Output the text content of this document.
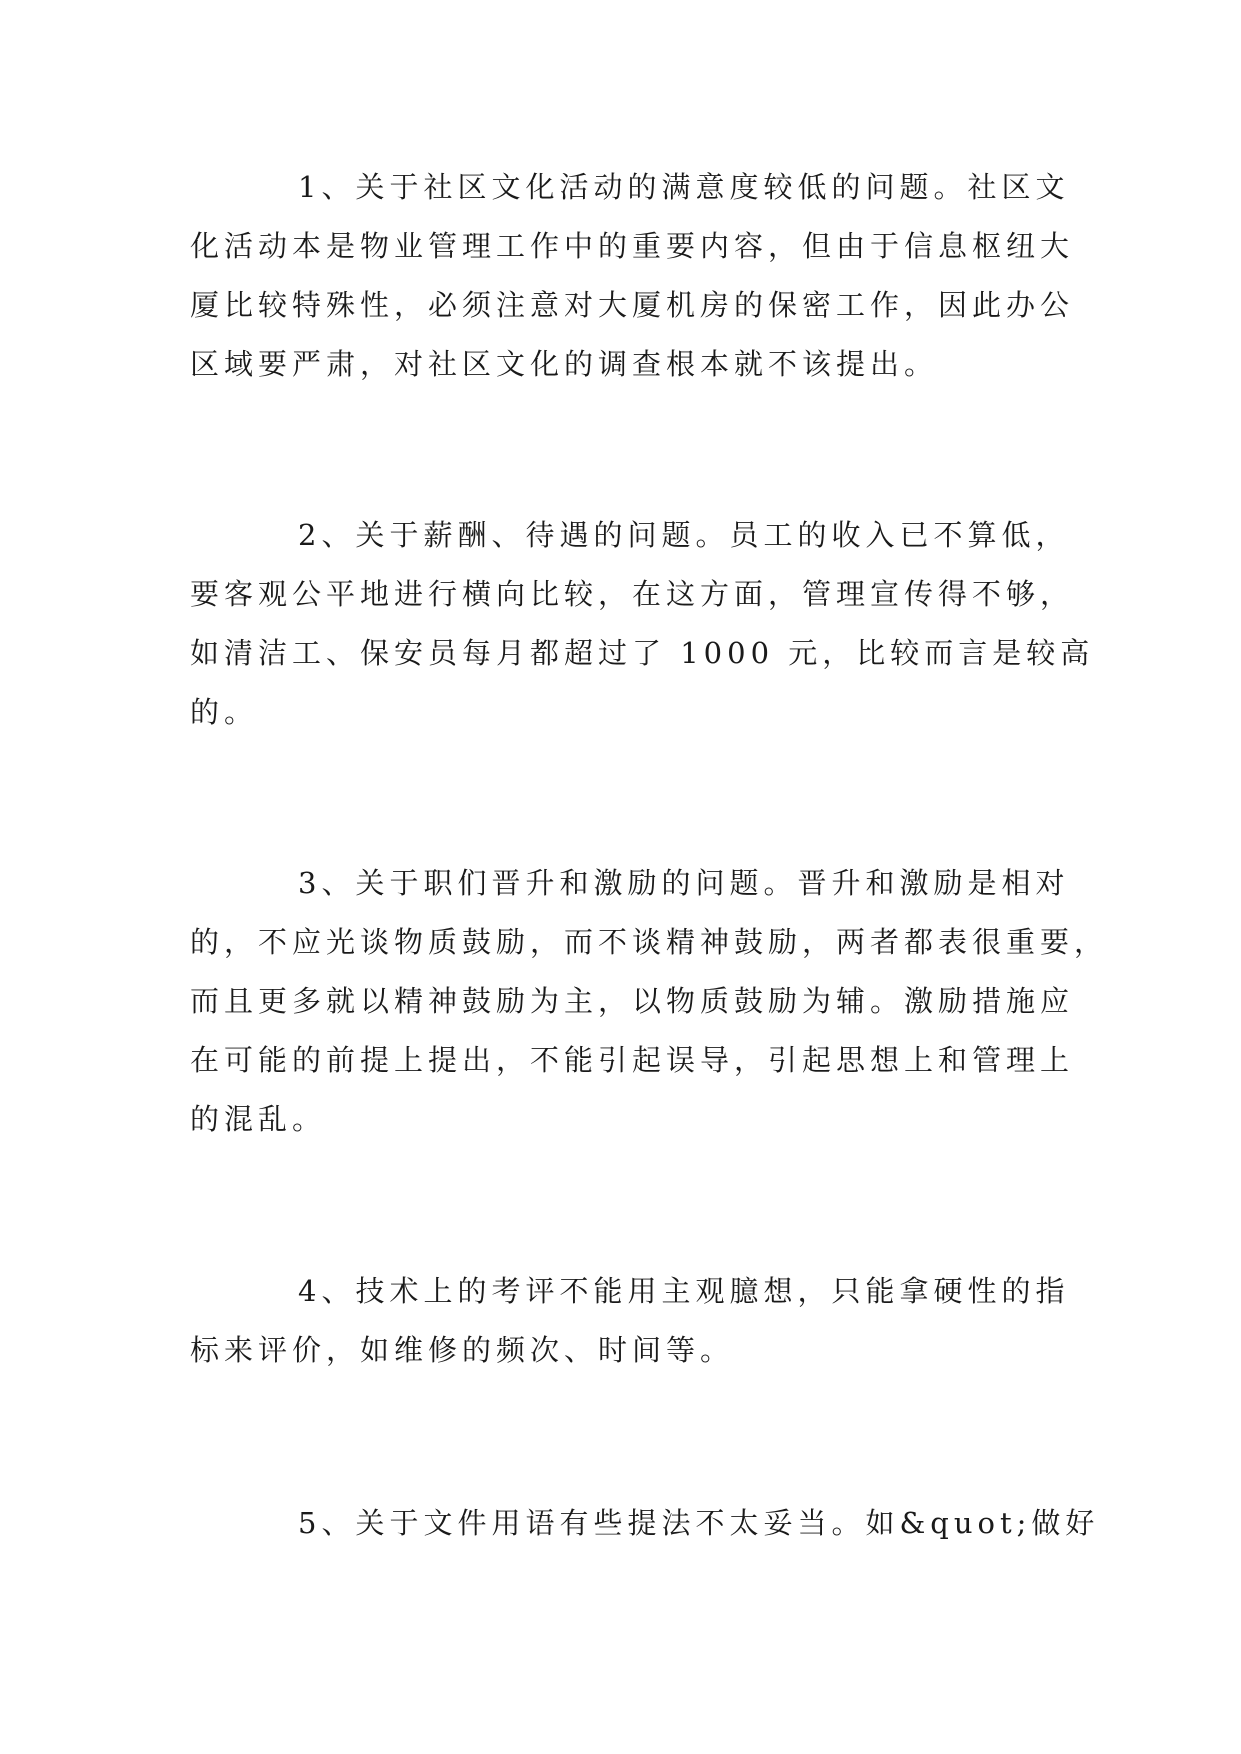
1、关于社区文化活动的满意度较低的问题。社区文
化活动本是物业管理工作中的重要内容，但由于信息枢纽大
厦比较特殊性，必须注意对大厦机房的保密工作，因此办公
区域要严肃，对社区文化的调查根本就不该提出。
2、关于薪酬、待遇的问题。员工的收入已不算低，
要客观公平地进行横向比较，在这方面，管理宣传得不够，
如清洁工、保安员每月都超过了 1000 元，比较而言是较高
的。
3、关于职们晋升和激励的问题。晋升和激励是相对
的，不应光谈物质鼓励，而不谈精神鼓励，两者都表很重要，
而且更多就以精神鼓励为主，以物质鼓励为辅。激励措施应
在可能的前提上提出，不能引起误导，引起思想上和管理上
的混乱。
4、技术上的考评不能用主观臆想，只能拿硬性的指
标来评价，如维修的频次、时间等。
5、关于文件用语有些提法不太妥当。如&quot;做好
